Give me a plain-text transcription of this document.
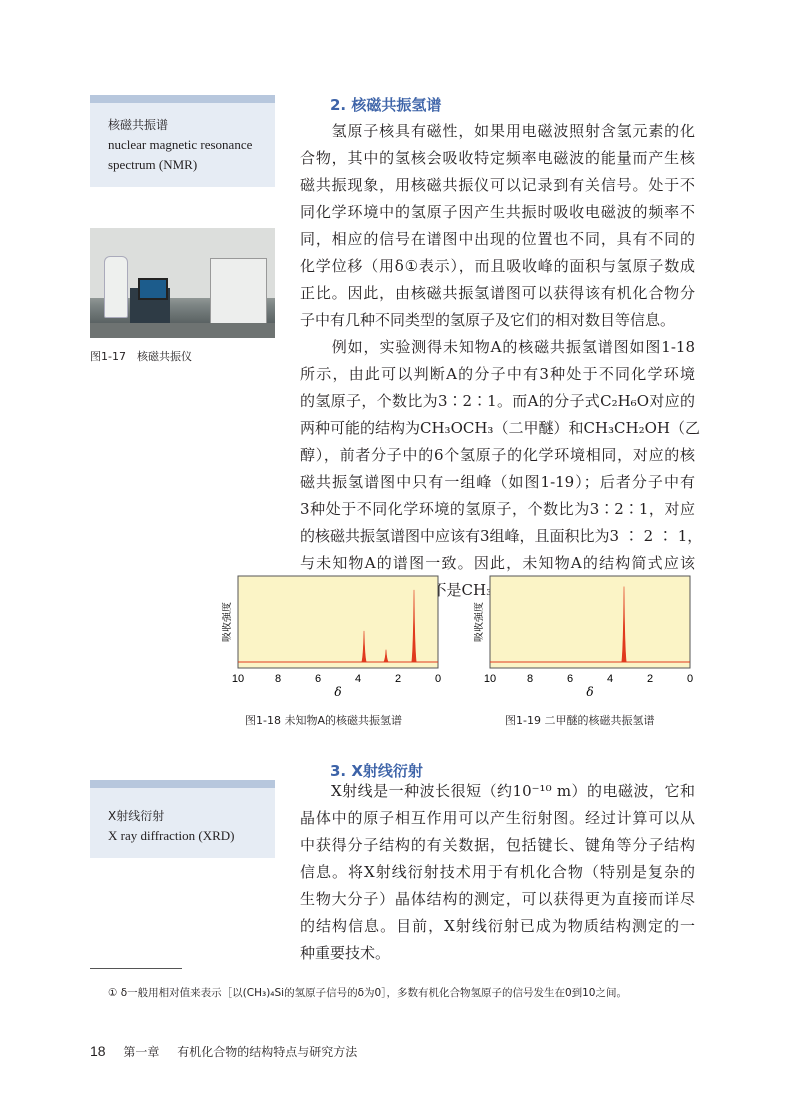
核磁共振谱
nuclear magnetic resonance
spectrum (NMR)
图1-17　核磁共振仪
2. 核磁共振氢谱
　　氢原子核具有磁性，如果用电磁波照射含氢元素的化
合物，其中的氢核会吸收特定频率电磁波的能量而产生核
磁共振现象，用核磁共振仪可以记录到有关信号。处于不
同化学环境中的氢原子因产生共振时吸收电磁波的频率不
同，相应的信号在谱图中出现的位置也不同，具有不同的
化学位移（用δ①表示），而且吸收峰的面积与氢原子数成
正比。因此，由核磁共振氢谱图可以获得该有机化合物分
子中有几种不同类型的氢原子及它们的相对数目等信息。
　　例如，实验测得未知物A的核磁共振氢谱图如图1-18
所示，由此可以判断A的分子中有3种处于不同化学环境
的氢原子，个数比为3∶2∶1。而A的分子式C₂H₆O对应的
两种可能的结构为CH₃OCH₃（二甲醚）和CH₃CH₂OH（乙
醇），前者分子中的6个氢原子的化学环境相同，对应的核
磁共振氢谱图中只有一组峰（如图1-19）；后者分子中有
3种处于不同化学环境的氢原子，个数比为3∶2∶1，对应
的核磁共振氢谱图中应该有3组峰，且面积比为3 ∶ 2 ∶ 1，
与未知物A的谱图一致。因此，未知物A的结构简式应该
吸收强度
10	8	6	4	2	0
δ
吸收强度
10	8	6	4	2	0
δ
图1-18 未知物A的核磁共振氢谱	图1-19 二甲醚的核磁共振氢谱
X射线衍射
X ray diffraction (XRD)
3. X射线衍射
　　X射线是一种波长很短（约10⁻¹⁰ m）的电磁波，它和
晶体中的原子相互作用可以产生衍射图。经过计算可以从
中获得分子结构的有关数据，包括键长、键角等分子结构
信息。将X射线衍射技术用于有机化合物（特别是复杂的
生物大分子）晶体结构的测定，可以获得更为直接而详尽
的结构信息。目前，X射线衍射已成为物质结构测定的一
种重要技术。
① δ一般用相对值来表示［以(CH₃)₄Si的氢原子信号的δ为0］，多数有机化合物氢原子的信号发生在0到10之间。
18 第一章 有机化合物的结构特点与研究方法
